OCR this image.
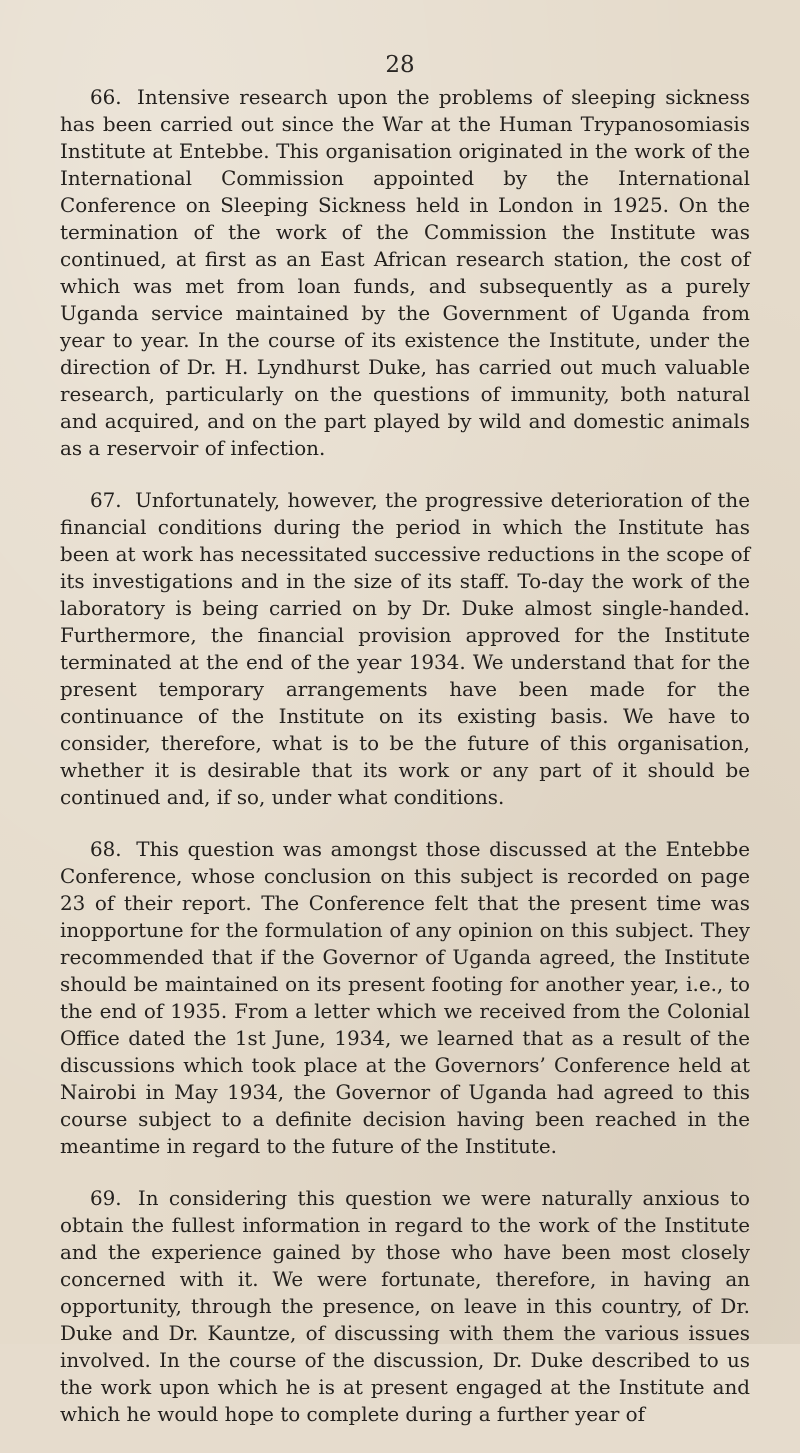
28

66. Intensive research upon the problems of sleeping sickness has been carried out since the War at the Human Trypanosomiasis Institute at Entebbe. This organisation originated in the work of the International Commission appointed by the International Conference on Sleeping Sickness held in London in 1925. On the termination of the work of the Commission the Institute was continued, at first as an East African research station, the cost of which was met from loan funds, and subsequently as a purely Uganda service maintained by the Government of Uganda from year to year. In the course of its existence the Institute, under the direction of Dr. H. Lyndhurst Duke, has carried out much valuable research, particularly on the questions of immunity, both natural and acquired, and on the part played by wild and domestic animals as a reservoir of infection.

67. Unfortunately, however, the progressive deterioration of the financial conditions during the period in which the Institute has been at work has necessitated successive reductions in the scope of its investigations and in the size of its staff. To-day the work of the laboratory is being carried on by Dr. Duke almost single-handed. Furthermore, the financial provision approved for the Institute terminated at the end of the year 1934. We understand that for the present temporary arrangements have been made for the continuance of the Institute on its existing basis. We have to consider, therefore, what is to be the future of this organisation, whether it is desirable that its work or any part of it should be continued and, if so, under what conditions.

68. This question was amongst those discussed at the Entebbe Conference, whose conclusion on this subject is recorded on page 23 of their report. The Conference felt that the present time was inopportune for the formulation of any opinion on this subject. They recommended that if the Governor of Uganda agreed, the Institute should be maintained on its present footing for another year, i.e., to the end of 1935. From a letter which we received from the Colonial Office dated the 1st June, 1934, we learned that as a result of the discussions which took place at the Governors’ Conference held at Nairobi in May 1934, the Governor of Uganda had agreed to this course subject to a definite decision having been reached in the meantime in regard to the future of the Institute.

69. In considering this question we were naturally anxious to obtain the fullest information in regard to the work of the Institute and the experience gained by those who have been most closely concerned with it. We were fortunate, therefore, in having an opportunity, through the presence, on leave in this country, of Dr. Duke and Dr. Kauntze, of discussing with them the various issues involved. In the course of the discussion, Dr. Duke described to us the work upon which he is at present engaged at the Institute and which he would hope to complete during a further year of
